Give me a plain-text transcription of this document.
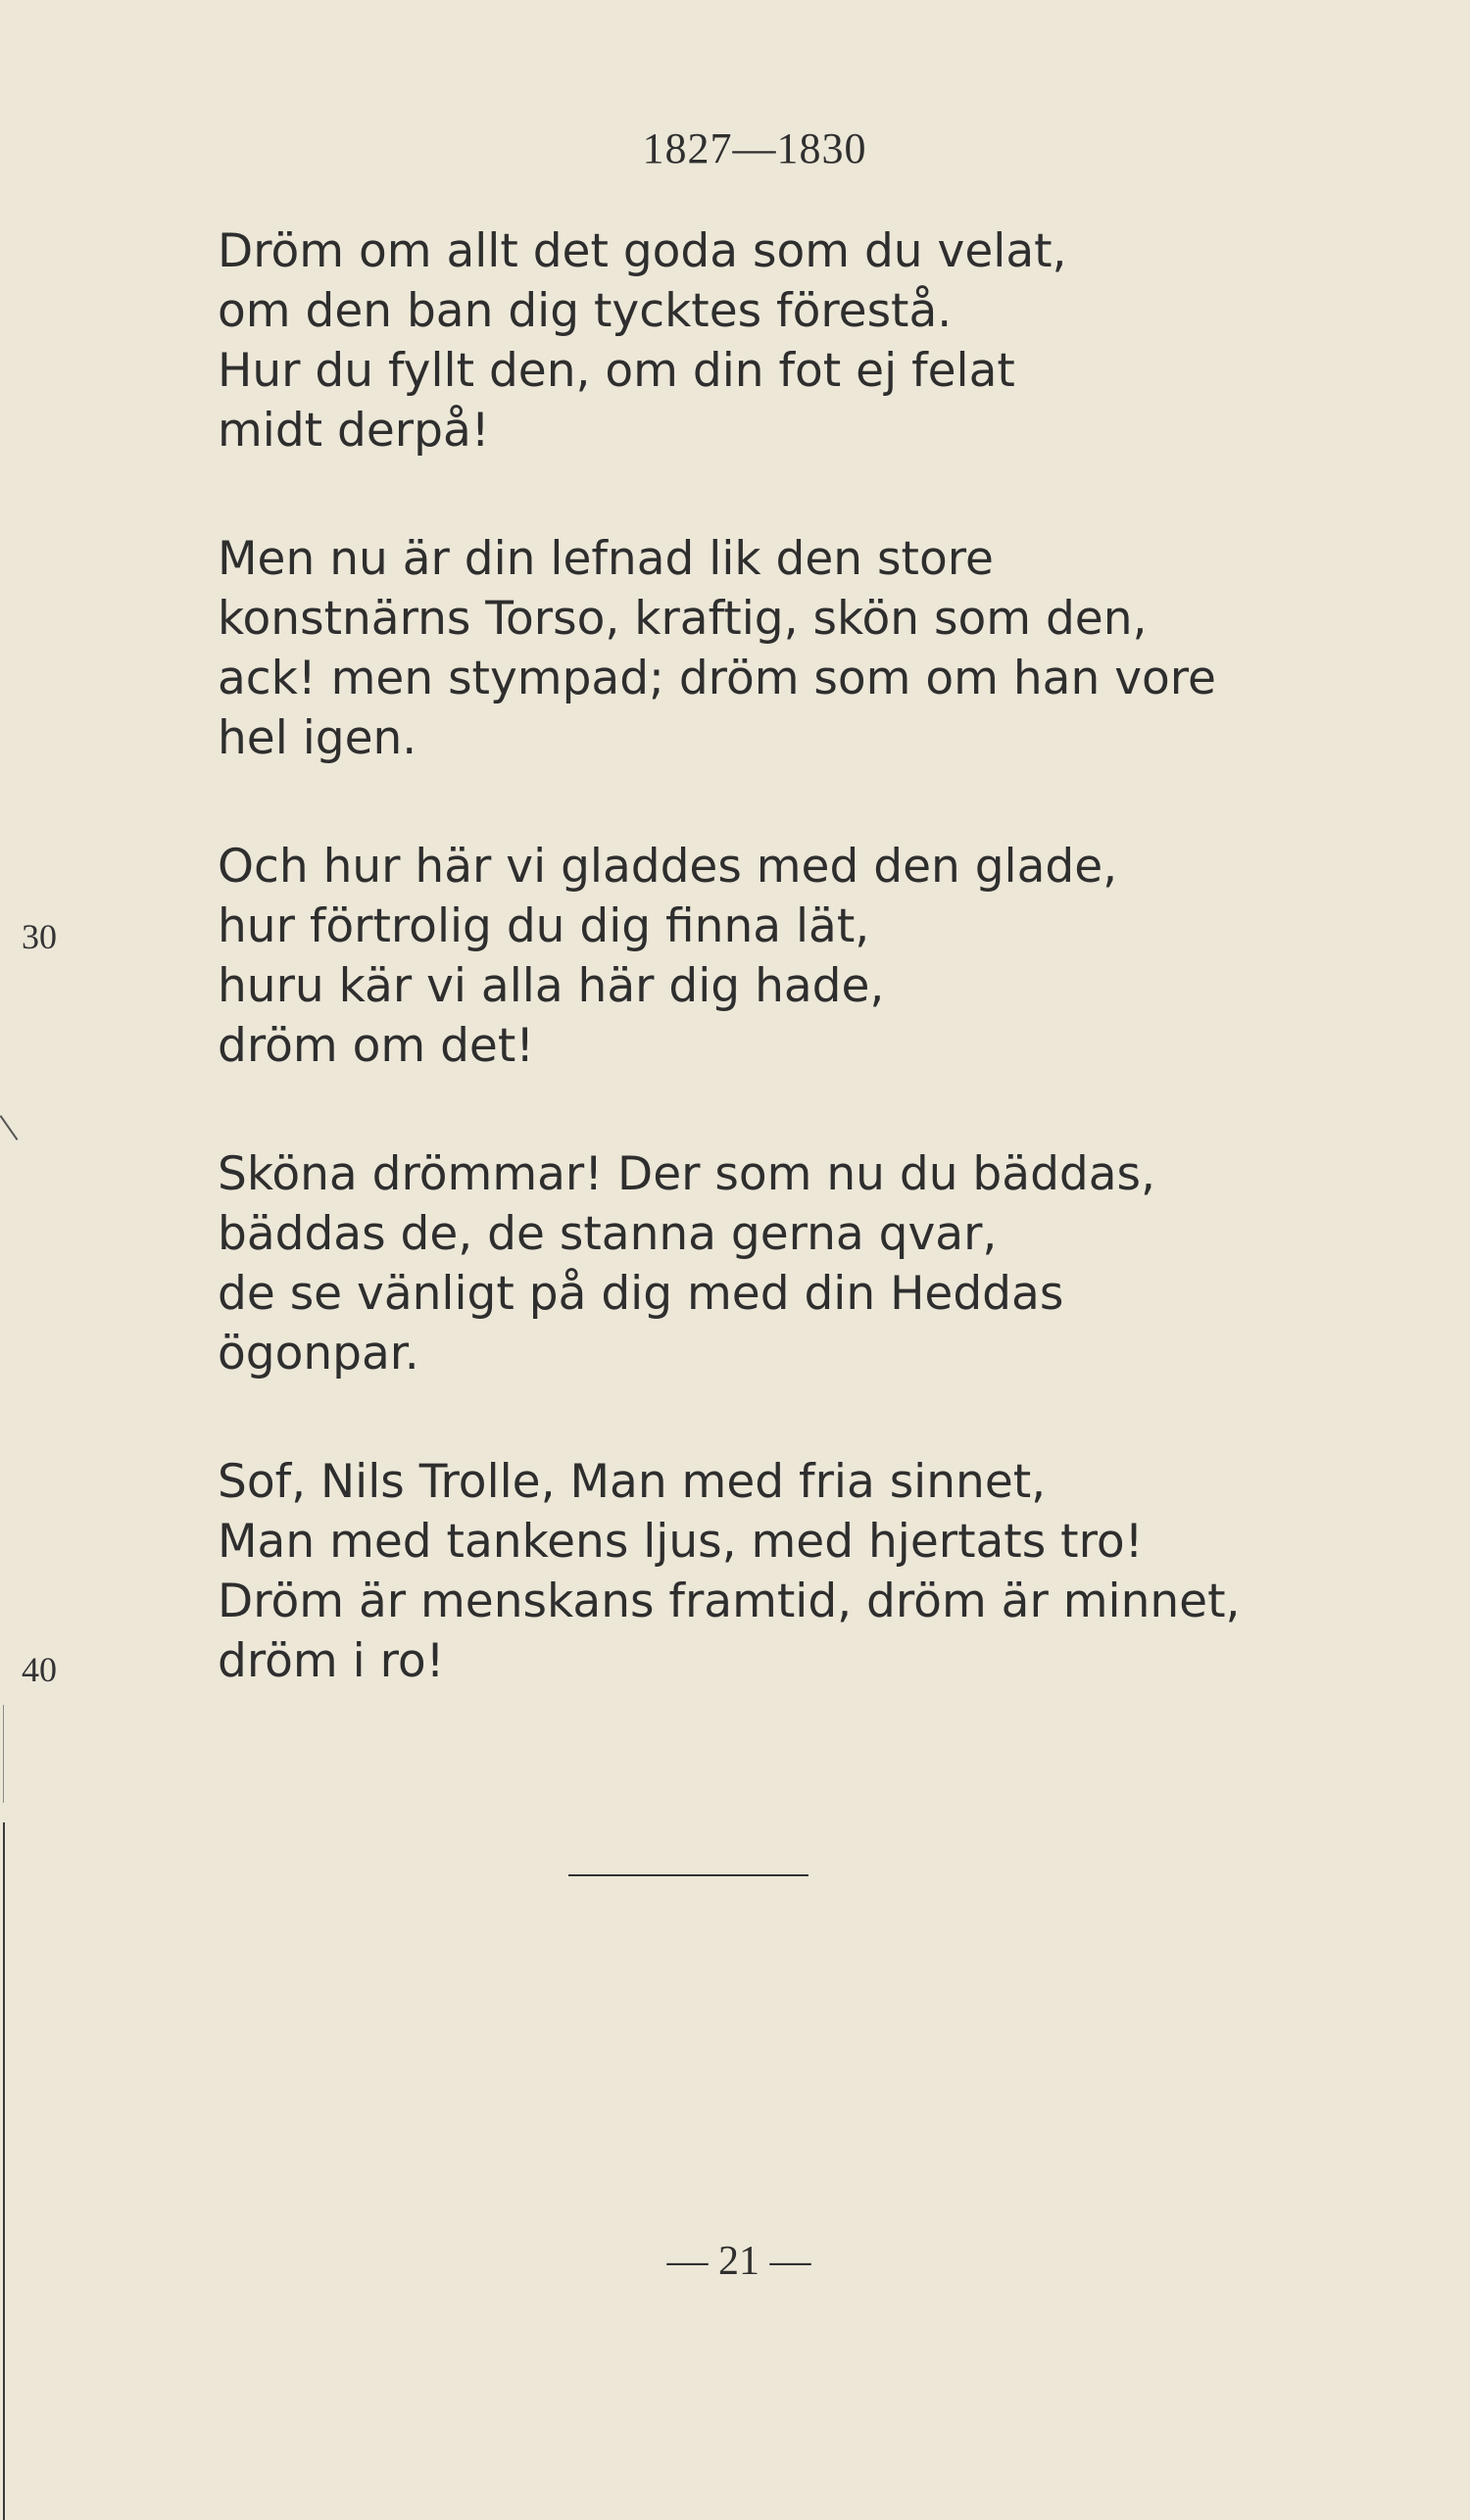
1827—1830
Dröm om allt det goda som du velat,
om den ban dig tycktes förestå.
Hur du fyllt den, om din fot ej felat
midt derpå!
Men nu är din lefnad lik den store
konstnärns Torso, kraftig, skön som den,
ack! men stympad; dröm som om han vore
hel igen.
Och hur här vi gladdes med den glade,
hur förtrolig du dig finna lät,
huru kär vi alla här dig hade,
dröm om det!
Sköna drömmar! Der som nu du bäddas,
bäddas de, de stanna gerna qvar,
de se vänligt på dig med din Heddas
ögonpar.
Sof, Nils Trolle, Man med fria sinnet,
Man med tankens ljus, med hjertats tro!
Dröm är menskans framtid, dröm är minnet,
dröm i ro!
30
40
— 21 —
